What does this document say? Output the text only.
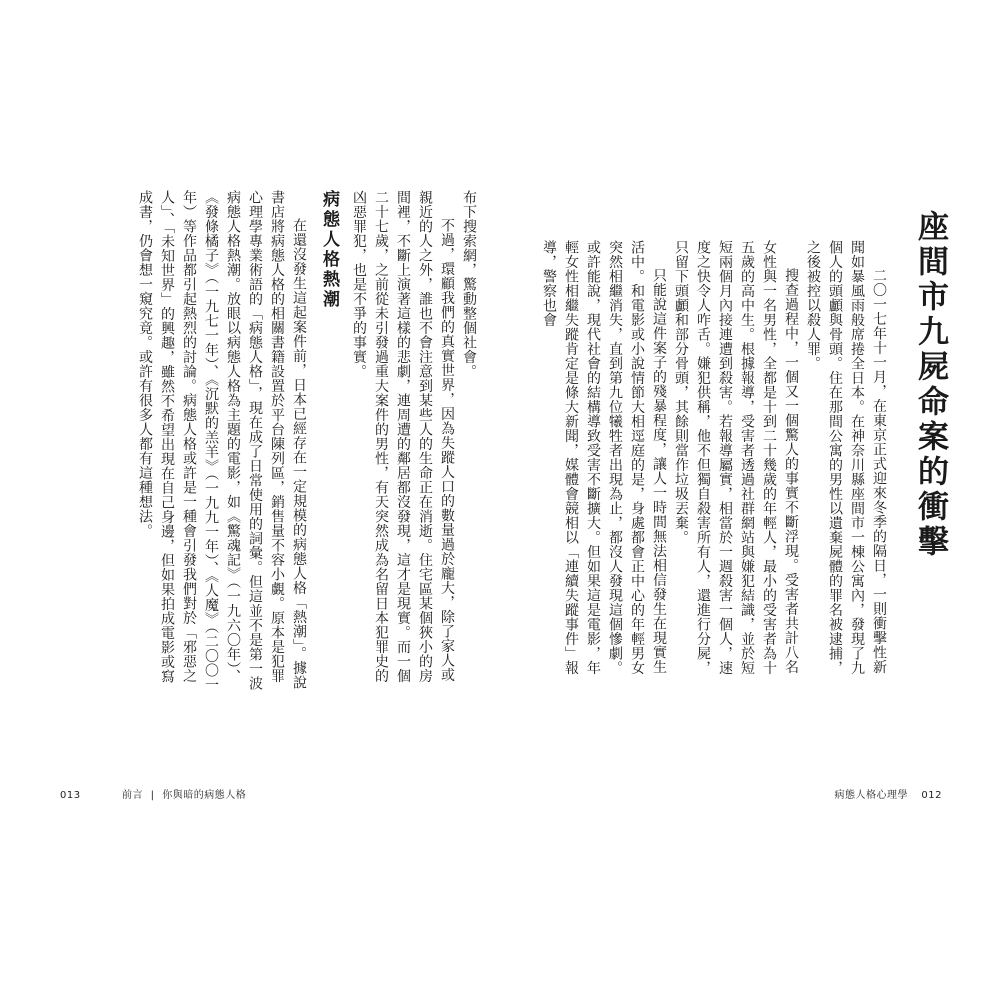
布下搜索網，驚動整個社會。

不過，環顧我們的真實世界，因為失蹤人口的數量過於龐大，除了家人或親近的人之外，誰也不會注意到某些人的生命正在消逝。住宅區某個狹小的房間裡，不斷上演著這樣的悲劇，連周遭的鄰居都沒發現，這才是現實。而一個二十七歲，之前從未引發過重大案件的男性，有天突然成為名留日本犯罪史的凶惡罪犯，也是不爭的事實。

病態人格熱潮

在還沒發生這起案件前，日本已經存在一定規模的病態人格「熱潮」。據說書店將病態人格的相關書籍設置於平台陳列區，銷售量不容小覷。原本是犯罪心理學專業術語的「病態人格」，現在成了日常使用的詞彙。但這並不是第一波病態人格熱潮。放眼以病態人格為主題的電影，如《驚魂記》（一九六〇年）、《發條橘子》（一九七一年）、《沉默的羔羊》（一九九一年）、《人魔》（二〇〇一年）等作品都引起熱烈的討論。病態人格或許是一種會引發我們對於「邪惡之人」、「未知世界」的興趣，雖然不希望出現在自己身邊，但如果拍成電影或寫成書，仍會想一窺究竟。或許有很多人都有這種想法。

013	前言 | 你與暗的病態人格
座間市九屍命案的衝擊

二〇一七年十一月，在東京正式迎來冬季的隔日，一則衝擊性新聞如暴風雨般席捲全日本。在神奈川縣座間市一棟公寓內，發現了九個人的頭顱與骨頭。住在那間公寓的男性以遺棄屍體的罪名被逮捕，之後被控以殺人罪。

搜查過程中，一個又一個驚人的事實不斷浮現。受害者共計八名女性與一名男性，全都是十到二十幾歲的年輕人，最小的受害者為十五歲的高中生。根據報導，受害者透過社群網站與嫌犯結識，並於短短兩個月內接連遭到殺害。若報導屬實，相當於一週殺害一個人，速度之快令人咋舌。嫌犯供稱，他不但獨自殺害所有人，還進行分屍，只留下頭顱和部分骨頭，其餘則當作垃圾丟棄。

只能說這件案子的殘暴程度，讓人一時間無法相信發生在現實生活中。和電影或小說情節大相逕庭的是，身處都會正中心的年輕男女突然相繼消失，直到第九位犧牲者出現為止，都沒人發現這個慘劇。或許能說，現代社會的結構導致受害不斷擴大。但如果這是電影，年輕女性相繼失蹤肯定是條大新聞，媒體會競相以「連續失蹤事件」報導，警察也會

病態人格心理學 012
